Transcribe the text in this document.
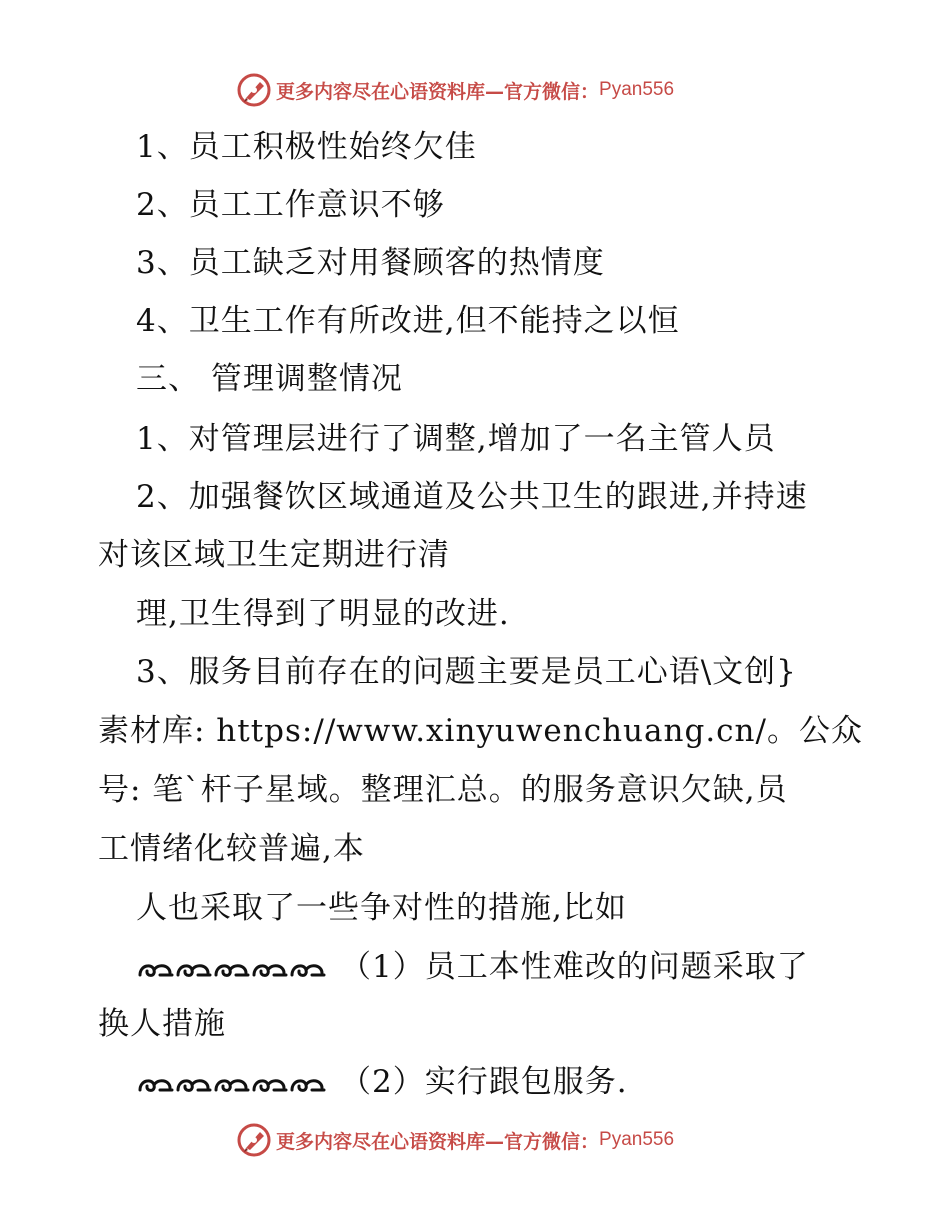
更多内容尽在心语资料库—官方微信： Pyan556
1、员工积极性始终欠佳
2、员工工作意识不够
3、员工缺乏对用餐顾客的热情度
4、卫生工作有所改进,但不能持之以恒
三、 管理调整情况
1、对管理层进行了调整,增加了一名主管人员
2、加强餐饮区域通道及公共卫生的跟进,并持速
对该区域卫生定期进行清
理,卫生得到了明显的改进.
3、服务目前存在的问题主要是员工心语\文创}
素材库: https://www.xinyuwenchuang.cn/。公众
号: 笔`杆子星域。整理汇总。的服务意识欠缺,员
工情绪化较普遍,本
人也采取了一些争对性的措施,比如
（1）员工本性难改的问题采取了
换人措施
（2）实行跟包服务.
更多内容尽在心语资料库—官方微信： Pyan556
